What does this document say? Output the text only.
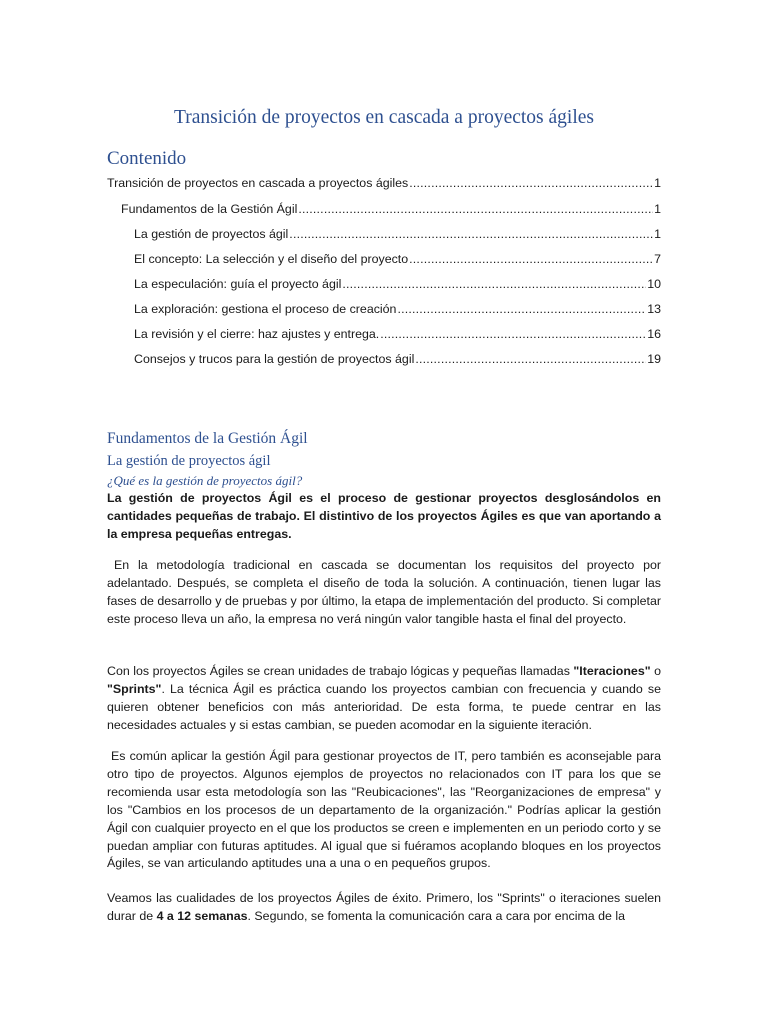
Transición de proyectos en cascada a proyectos ágiles
Contenido
Transición de proyectos en cascada a proyectos ágiles .....	1
Fundamentos de la Gestión Ágil .....	1
La gestión de proyectos ágil .....	1
El concepto: La selección y el diseño del proyecto .....	7
La especulación: guía el proyecto ágil .....	10
La exploración: gestiona el proceso de creación .....	13
La revisión y el cierre: haz ajustes y entrega. .....	16
Consejos y trucos para la gestión de proyectos ágil .....	19
Fundamentos de la Gestión Ágil
La gestión de proyectos ágil
¿Qué es la gestión de proyectos ágil?

La gestión de proyectos Ágil es el proceso de gestionar proyectos desglosándolos en cantidades pequeñas de trabajo. El distintivo de los proyectos Ágiles es que van aportando a la empresa pequeñas entregas.

En la metodología tradicional en cascada se documentan los requisitos del proyecto por adelantado. Después, se completa el diseño de toda la solución. A continuación, tienen lugar las fases de desarrollo y de pruebas y por último, la etapa de implementación del producto. Si completar este proceso lleva un año, la empresa no verá ningún valor tangible hasta el final del proyecto.

Con los proyectos Ágiles se crean unidades de trabajo lógicas y pequeñas llamadas "Iteraciones" o "Sprints". La técnica Ágil es práctica cuando los proyectos cambian con frecuencia y cuando se quieren obtener beneficios con más anterioridad. De esta forma, te puede centrar en las necesidades actuales y si estas cambian, se pueden acomodar en la siguiente iteración.

Es común aplicar la gestión Ágil para gestionar proyectos de IT, pero también es aconsejable para otro tipo de proyectos. Algunos ejemplos de proyectos no relacionados con IT para los que se recomienda usar esta metodología son las "Reubicaciones", las "Reorganizaciones de empresa" y los "Cambios en los procesos de un departamento de la organización." Podrías aplicar la gestión Ágil con cualquier proyecto en el que los productos se creen e implementen en un periodo corto y se puedan ampliar con futuras aptitudes. Al igual que si fuéramos acoplando bloques en los proyectos Ágiles, se van articulando aptitudes una a una o en pequeños grupos.

Veamos las cualidades de los proyectos Ágiles de éxito. Primero, los "Sprints" o iteraciones suelen durar de 4 a 12 semanas. Segundo, se fomenta la comunicación cara a cara por encima de la
